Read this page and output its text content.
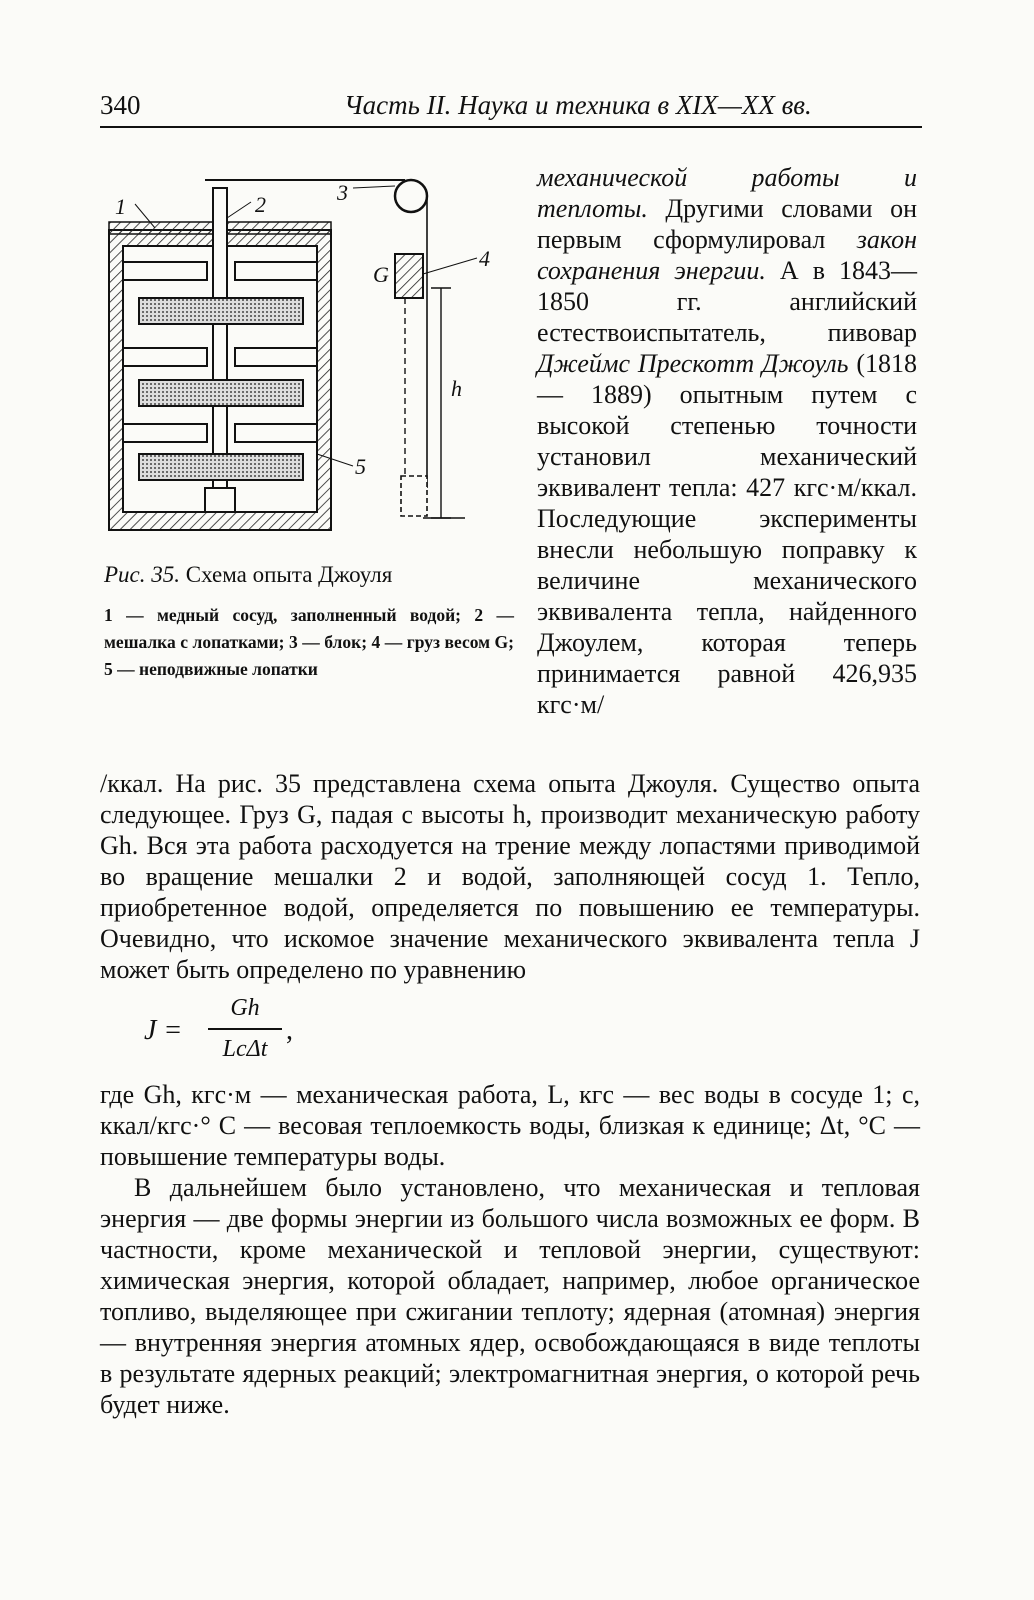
340	Часть II. Наука и техника в XIX—XX вв.
1	2	3
4
5
G
h
Рис. 35. Схема опыта Джоуля
1 — медный сосуд, заполненный водой; 2 — мешалка с лопатками; 3 — блок; 4 — груз весом G; 5 — неподвижные лопатки

механической работы и теплоты. Другими словами он первым сформулировал закон сохранения энергии. А в 1843—1850 гг. английский естествоиспытатель, пивовар Джеймс Прескотт Джоуль (1818 — 1889) опытным путем с высокой степенью точности установил механический эквивалент тепла: 427 кгс·м/ккал. Последующие эксперименты внесли небольшую поправку к величине механического эквивалента тепла, найденного Джоулем, которая теперь принимается равной 426,935 кгс·м/

/ккал. На рис. 35 представлена схема опыта Джоуля. Существо опыта следующее. Груз G, падая с высоты h, производит механическую работу Gh. Вся эта работа расходуется на трение между лопастями приводимой во вращение мешалки 2 и водой, заполняющей сосуд 1. Тепло, приобретенное водой, определяется по повышению ее температуры. Очевидно, что искомое значение механического эквивалента тепла J может быть определено по уравнению

J =
Gh
LcΔt
,

где Gh, кгс·м — механическая работа, L, кгс — вес воды в сосуде 1; с, ккал/кгс·° С — весовая теплоемкость воды, близкая к единице; Δt, °С — повышение температуры воды.

В дальнейшем было установлено, что механическая и тепловая энергия — две формы энергии из большого числа возможных ее форм. В частности, кроме механической и тепловой энергии, существуют: химическая энергия, которой обладает, например, любое органическое топливо, выделяющее при сжигании теплоту; ядерная (атомная) энергия — внутренняя энергия атомных ядер, освобождающаяся в виде теплоты в результате ядерных реакций; электромагнитная энергия, о которой речь будет ниже.
